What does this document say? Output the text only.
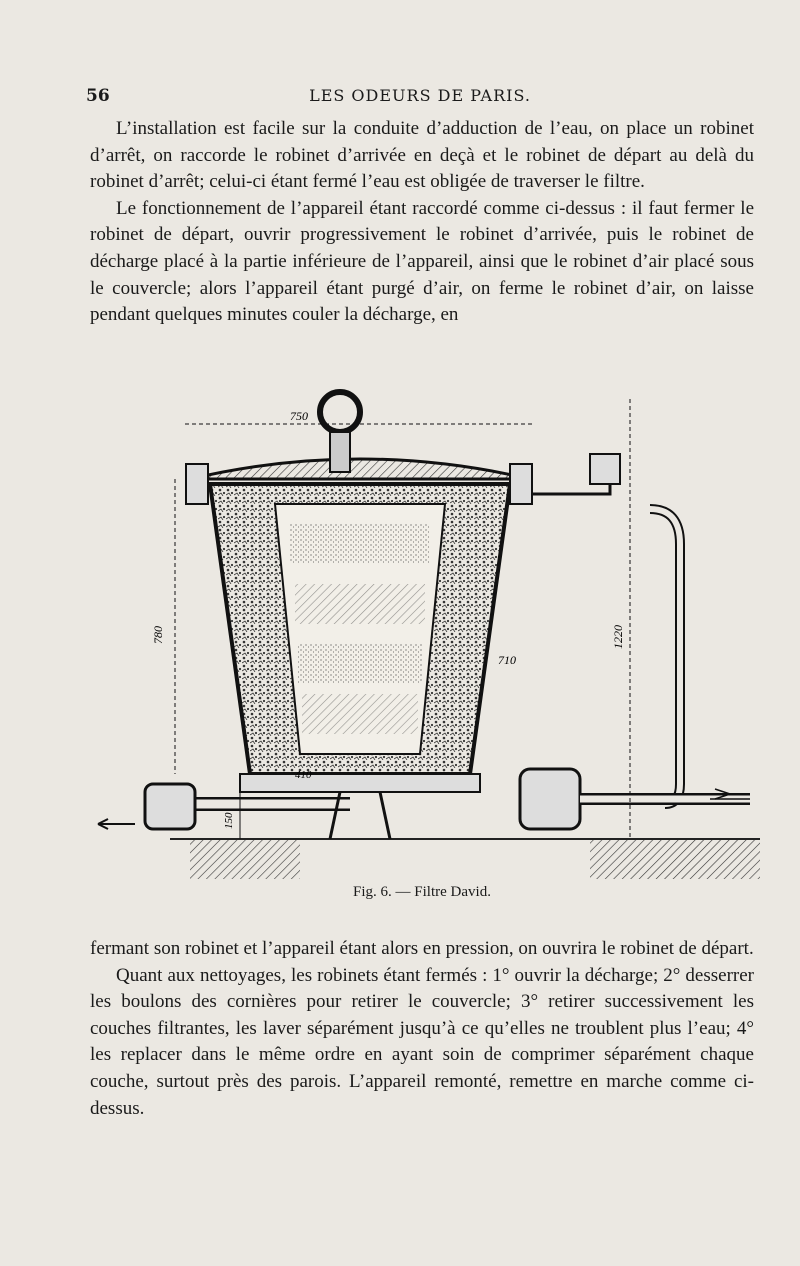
56	LES ODEURS DE PARIS.

L’installation est facile sur la conduite d’adduction de l’eau, on place un robinet d’arrêt, on raccorde le robinet d’arrivée en deçà et le robinet de départ au delà du robinet d’arrêt; celui-ci étant fermé l’eau est obligée de traverser le filtre.

Le fonctionnement de l’appareil étant raccordé comme ci-dessus : il faut fermer le robinet de départ, ouvrir progressivement le robinet d’arrivée, puis le robinet de décharge placé à la partie inférieure de l’appareil, ainsi que le robinet d’air placé sous le couvercle; alors l’appareil étant purgé d’air, on ferme le robinet d’air, on laisse pendant quelques minutes couler la décharge, en

750
780
710
1220
410
150
Fig. 6. — Filtre David.

fermant son robinet et l’appareil étant alors en pression, on ouvrira le robinet de départ.

Quant aux nettoyages, les robinets étant fermés : 1° ouvrir la décharge; 2° desserrer les boulons des cornières pour retirer le couvercle; 3° retirer successivement les couches filtrantes, les laver séparément jusqu’à ce qu’elles ne troublent plus l’eau; 4° les replacer dans le même ordre en ayant soin de comprimer séparément chaque couche, surtout près des parois. L’appareil remonté, remettre en marche comme ci-dessus.
